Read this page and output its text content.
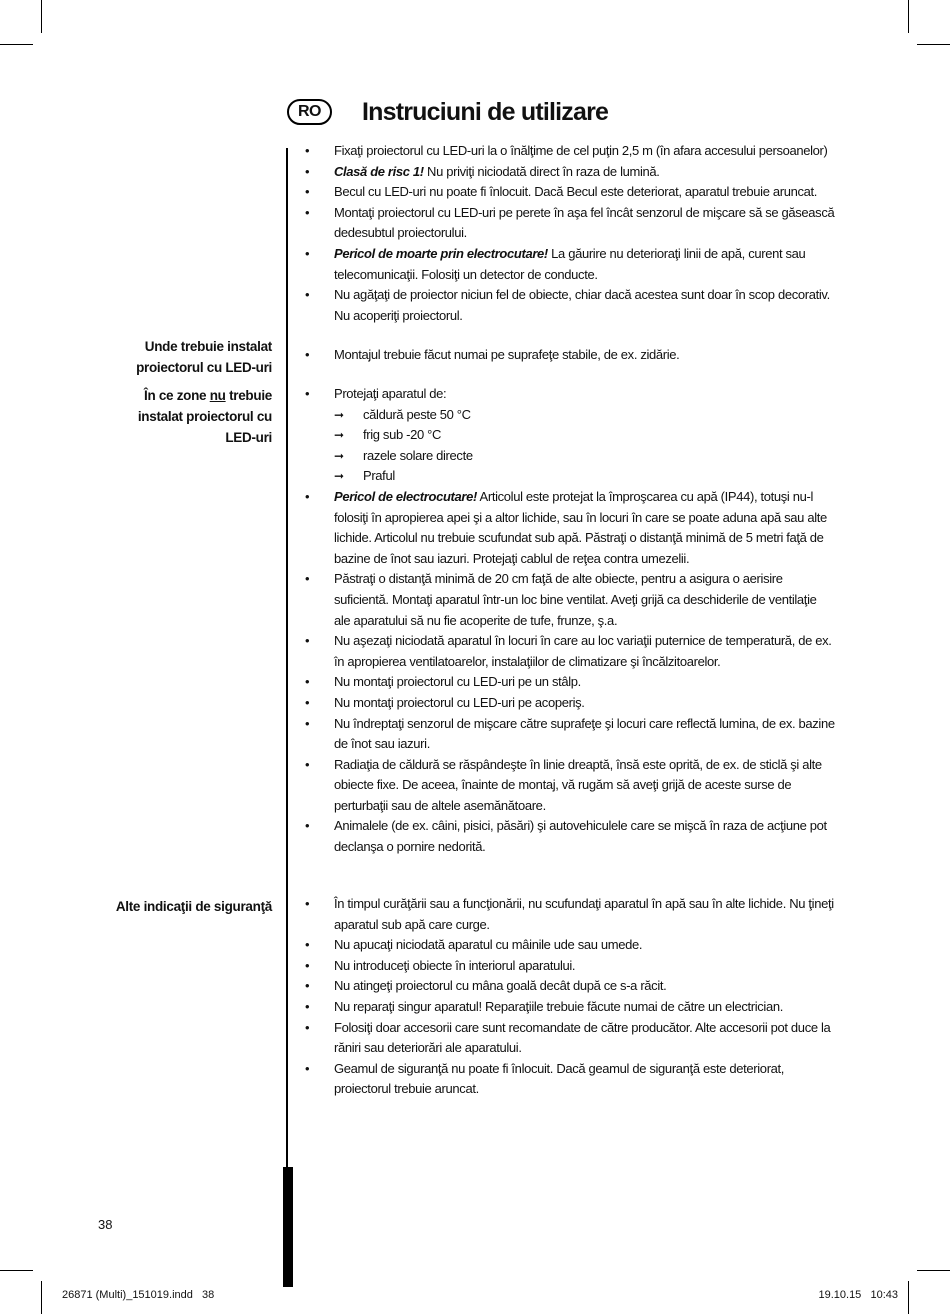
RO	Instruciuni de utilizare
Unde trebuie instalat proiectorul cu LED-uri
În ce zone nu trebuie instalat proiectorul cu LED-uri
Alte indicaţii de siguranţă
• Fixaţi proiectorul cu LED-uri la o înălţime de cel puţin 2,5 m (în afara accesului persoanelor)
• Clasă de risc 1! Nu priviţi niciodată direct în raza de lumină.
• Becul cu LED-uri nu poate fi înlocuit. Dacă Becul este deteriorat, aparatul trebuie aruncat.
• Montaţi proiectorul cu LED-uri pe perete în aşa fel încât senzorul de mişcare să se găsească dedesubtul proiectorului.
• Pericol de moarte prin electrocutare! La găurire nu deterioraţi linii de apă, curent sau telecomunicaţii. Folosiţi un detector de conducte.
• Nu agăţaţi de proiector niciun fel de obiecte, chiar dacă acestea sunt doar în scop decorativ. Nu acoperiţi proiectorul.
• Montajul trebuie făcut numai pe suprafeţe stabile, de ex. zidărie.
• Protejaţi aparatul de:
➞ căldură peste 50 °C
➞ frig sub -20 °C
➞ razele solare directe
➞ Praful
• Pericol de electrocutare! Articolul este protejat la împroşcarea cu apă (IP44), totuşi nu-l folosiţi în apropierea apei şi a altor lichide, sau în locuri în care se poate aduna apă sau alte lichide. Articolul nu trebuie scufundat sub apă. Păstraţi o distanţă minimă de 5 metri faţă de bazine de înot sau iazuri. Protejaţi cablul de reţea contra umezelii.
• Păstraţi o distanţă minimă de 20 cm faţă de alte obiecte, pentru a asigura o aerisire suficientă. Montaţi aparatul într-un loc bine ventilat. Aveţi grijă ca deschiderile de ventilaţie ale aparatului să nu fie acoperite de tufe, frunze, ş.a.
• Nu aşezaţi niciodată aparatul în locuri în care au loc variaţii puternice de temperatură, de ex. în apropierea ventilatoarelor, instalaţiilor de climatizare şi încălzitoarelor.
• Nu montaţi proiectorul cu LED-uri pe un stâlp.
• Nu montaţi proiectorul cu LED-uri pe acoperiş.
• Nu îndreptaţi senzorul de mişcare către suprafeţe şi locuri care reflectă lumina, de ex. bazine de înot sau iazuri.
• Radiaţia de căldură se răspândeşte în linie dreaptă, însă este oprită, de ex. de sticlă şi alte obiecte fixe. De aceea, înainte de montaj, vă rugăm să aveţi grijă de aceste surse de perturbaţii sau de altele asemănătoare.
• Animalele (de ex. câini, pisici, păsări) şi autovehiculele care se mişcă în raza de acţiune pot declanşa o pornire nedorită.
• În timpul curăţării sau a funcţionării, nu scufundaţi aparatul în apă sau în alte lichide. Nu ţineţi aparatul sub apă care curge.
• Nu apucaţi niciodată aparatul cu mâinile ude sau umede.
• Nu introduceţi obiecte în interiorul aparatului.
• Nu atingeţi proiectorul cu mâna goală decât după ce s-a răcit.
• Nu reparaţi singur aparatul! Reparaţiile trebuie făcute numai de către un electrician.
• Folosiţi doar accesorii care sunt recomandate de către producător. Alte accesorii pot duce la răniri sau deteriorări ale aparatului.
• Geamul de siguranţă nu poate fi înlocuit. Dacă geamul de siguranţă este deteriorat, proiectorul trebuie aruncat.
38
26871 (Multi)_151019.indd   38	19.10.15   10:43
